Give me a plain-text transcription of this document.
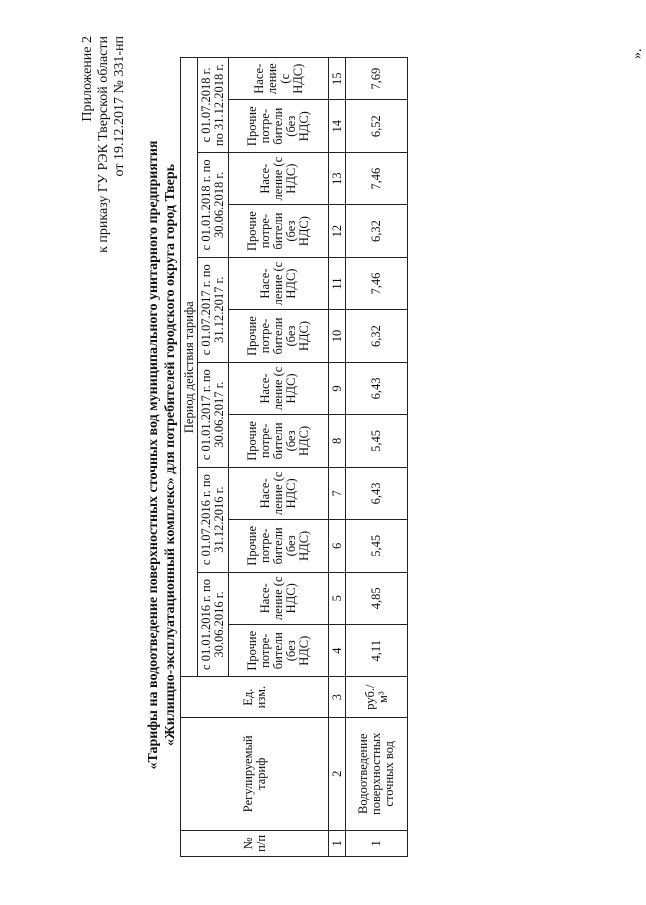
Приложение 2 к приказу ГУ РЭК Тверской области от 19.12.2017 № 331-нп
«Тарифы на водоотведение поверхностных сточных вод муниципального унитарного предприятия «Жилищно-эксплуатационный комплекс» для потребителей городского округа город Тверь
№ п/п	Регулируемый тариф	Ед. изм.	Период действия тарифа											
			с 01.01.2016 г. по 30.06.2016 г.		с 01.07.2016 г. по 31.12.2016 г.		с 01.01.2017 г. по 30.06.2017 г.		с 01.07.2017 г. по 31.12.2017 г.		с 01.01.2018 г. по 30.06.2018 г.		с 01.07.2018 г. по 31.12.2018 г.	
			Прочие потре- бители (без НДС)	Насе- ление (с НДС)	Прочие потре- бители (без НДС)	Насе- ление (с НДС)	Прочие потре- бители (без НДС)	Насе- ление (с НДС)	Прочие потре- бители (без НДС)	Насе- ление (с НДС)	Прочие потре- бители (без НДС)	Насе- ление (с НДС)	Прочие потре- бители (без НДС)	Насе- ление (с НДС)
1	2	3	4	5	6	7	8	9	10	11	12	13	14	15
1	Водоотведение поверхностных сточных вод	руб./м³	4,11	4,85	5,45	6,43	5,45	6,43	6,32	7,46	6,32	7,46	6,52	7,69
».
